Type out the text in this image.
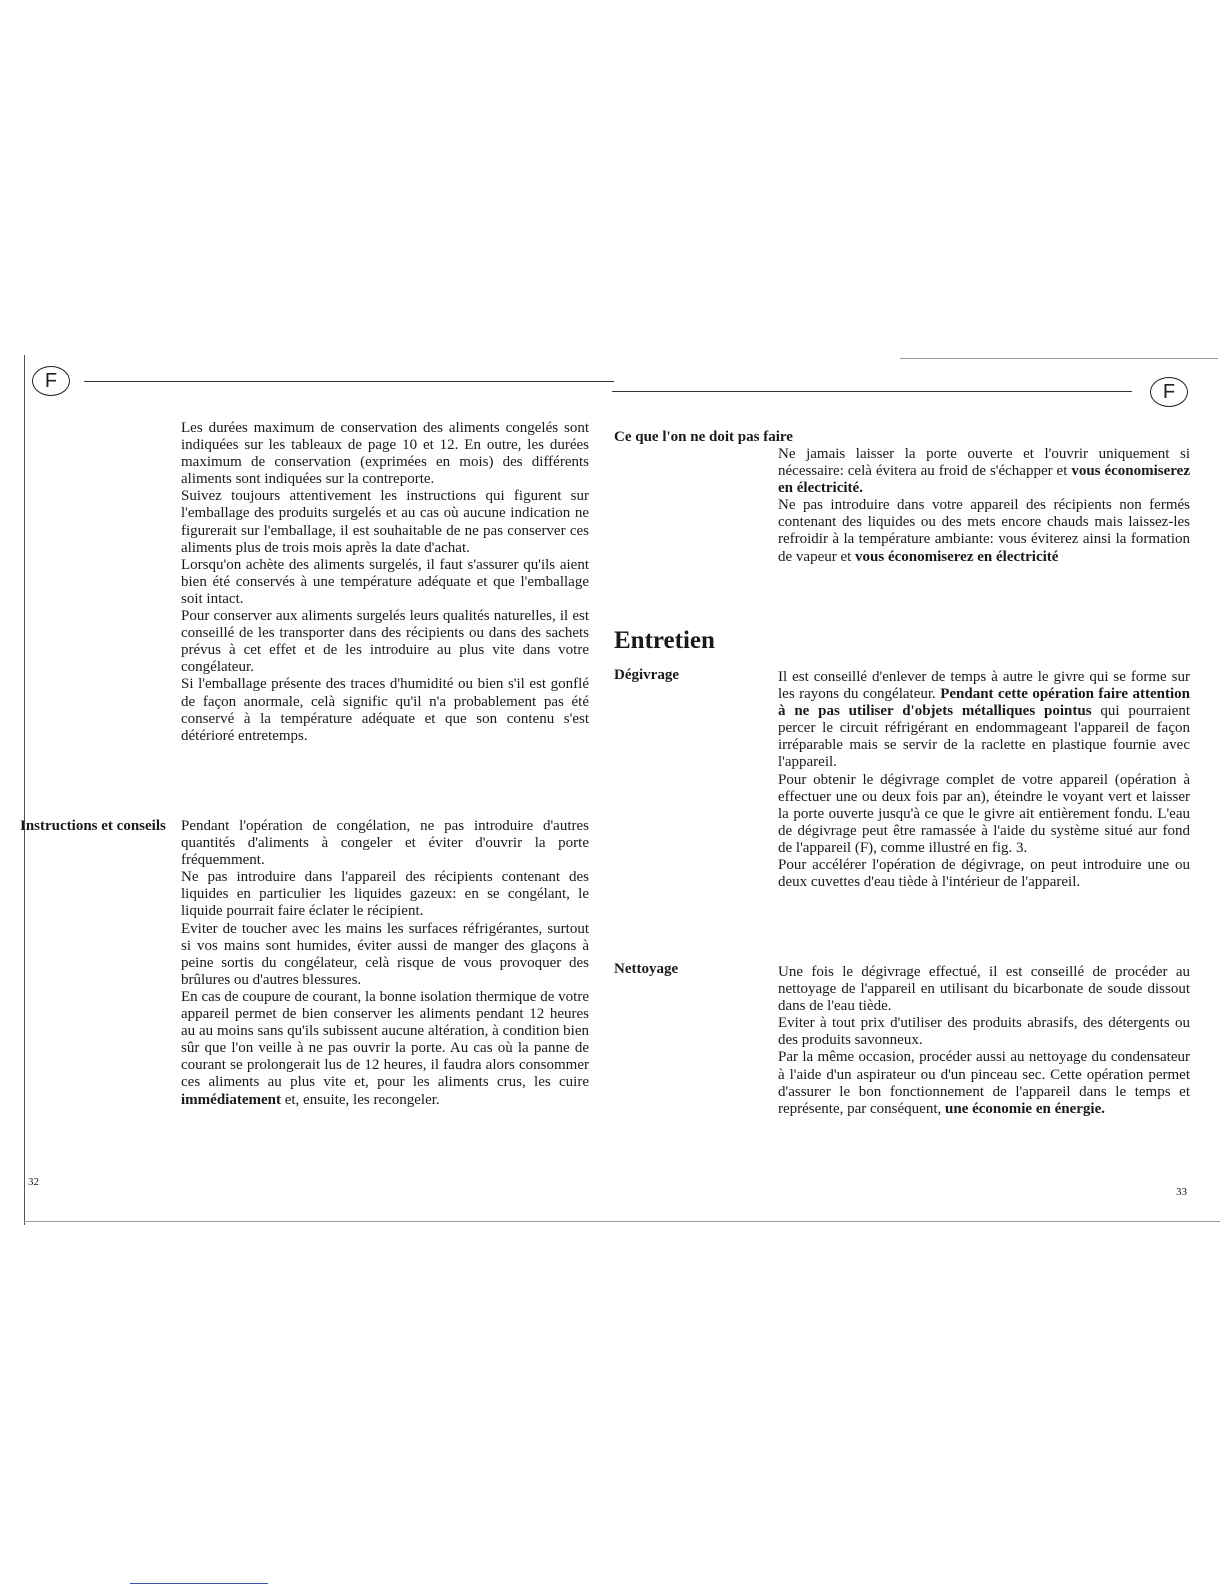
F	F

Les durées maximum de conservation des aliments congelés sont indiquées sur les tableaux de page 10 et 12. En outre, les durées maximum de conservation (exprimées en mois) des différents aliments sont indiquées sur la contreporte.

Suivez toujours attentivement les instructions qui figurent sur l'emballage des produits surgelés et au cas où aucune indication ne figurerait sur l'emballage, il est souhaitable de ne pas conserver ces aliments plus de trois mois après la date d'achat.

Lorsqu'on achète des aliments surgelés, il faut s'assurer qu'ils aient bien été conservés à une température adéquate et que l'emballage soit intact.

Pour conserver aux aliments surgelés leurs qualités naturelles, il est conseillé de les transporter dans des récipients ou dans des sachets prévus à cet effet et de les introduire au plus vite dans votre congélateur.

Si l'emballage présente des traces d'humidité ou bien s'il est gonflé de façon anormale, celà signific qu'il n'a probablement pas été conservé à la température adéquate et que son contenu s'est détérioré entretemps.

Instructions et conseils Pendant l'opération de congélation, ne pas introduire d'autres quantités d'aliments à congeler et éviter d'ouvrir la porte fréquemment.

Ne pas introduire dans l'appareil des récipients contenant des liquides en particulier les liquides gazeux: en se congélant, le liquide pourrait faire éclater le récipient.

Eviter de toucher avec les mains les surfaces réfrigérantes, surtout si vos mains sont humides, éviter aussi de manger des glaçons à peine sortis du congélateur, celà risque de vous provoquer des brûlures ou d'autres blessures.

En cas de coupure de courant, la bonne isolation thermique de votre appareil permet de bien conserver les aliments pendant 12 heures au au moins sans qu'ils subissent aucune altération, à condition bien sûr que l'on veille à ne pas ouvrir la porte. Au cas où la panne de courant se prolongerait lus de 12 heures, il faudra alors consommer ces aliments au plus vite et, pour les aliments crus, les cuire immédiatement et, ensuite, les recongeler.

32
Ce que l'on ne doit pas faire

Ne jamais laisser la porte ouverte et l'ouvrir uniquement si nécessaire: celà évitera au froid de s'échapper et vous économiserez en électricité.

Ne pas introduire dans votre appareil des récipients non fermés contenant des liquides ou des mets encore chauds mais laissez-les refroidir à la température ambiante: vous éviterez ainsi la formation de vapeur et vous économiserez en électricité

Entretien
Dégivrage	Il est conseillé d'enlever de temps à autre le givre qui se forme sur les rayons du congélateur. Pendant cette opération faire attention à ne pas utiliser d'objets métalliques pointus qui pourraient percer le circuit réfrigérant en endommageant l'appareil de façon irréparable mais se servir de la raclette en plastique fournie avec l'appareil.

Pour obtenir le dégivrage complet de votre appareil (opération à effectuer une ou deux fois par an), éteindre le voyant vert et laisser la porte ouverte jusqu'à ce que le givre ait entièrement fondu. L'eau de dégivrage peut être ramassée à l'aide du système situé aur fond de l'appareil (F), comme illustré en fig. 3.

Pour accélérer l'opération de dégivrage, on peut introduire une ou deux cuvettes d'eau tiède à l'intérieur de l'appareil.

Nettoyage	Une fois le dégivrage effectué, il est conseillé de procéder au nettoyage de l'appareil en utilisant du bicarbonate de soude dissout dans de l'eau tiède.

Eviter à tout prix d'utiliser des produits abrasifs, des détergents ou des produits savonneux.

Par la même occasion, procéder aussi au nettoyage du condensateur à l'aide d'un aspirateur ou d'un pinceau sec. Cette opération permet d'assurer le bon fonctionnement de l'appareil dans le temps et représente, par conséquent, une économie en énergie.

33
